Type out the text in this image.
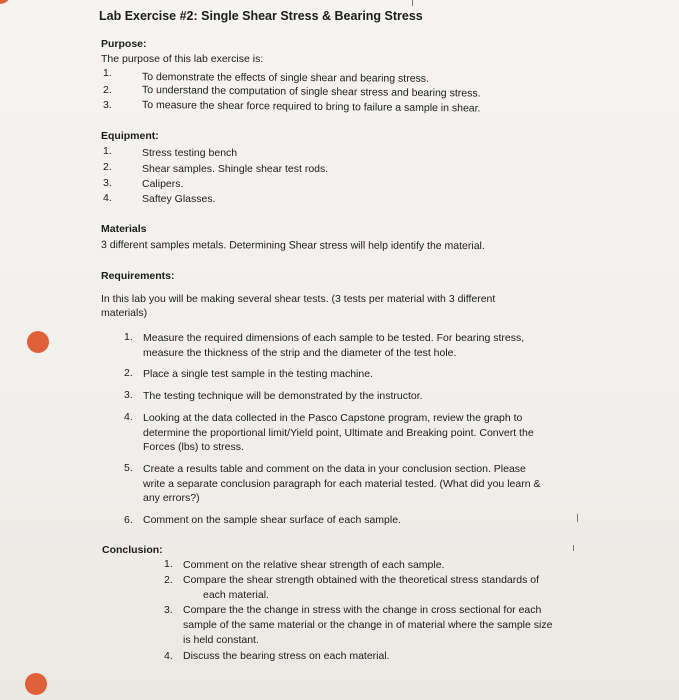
Lab Exercise #2: Single Shear Stress & Bearing Stress
Purpose:
The purpose of this lab exercise is:
1.	To demonstrate the effects of single shear and bearing stress.
2.	To understand the computation of single shear stress and bearing stress.
3.	To measure the shear force required to bring to failure a sample in shear.
Equipment:
1.	Stress testing bench
2.	Shear samples. Shingle shear test rods.
3.	Calipers.
4.	Saftey Glasses.
Materials
3 different samples metals. Determining Shear stress will help identify the material.
Requirements:
In this lab you will be making several shear tests. (3 tests per material with 3 different
materials)
1. Measure the required dimensions of each sample to be tested. For bearing stress,
measure the thickness of the strip and the diameter of the test hole.
2. Place a single test sample in the testing machine.
3. The testing technique will be demonstrated by the instructor.
4. Looking at the data collected in the Pasco Capstone program, review the graph to
determine the proportional limit/Yield point, Ultimate and Breaking point. Convert the
Forces (lbs) to stress.
5. Create a results table and comment on the data in your conclusion section. Please
write a separate conclusion paragraph for each material tested. (What did you learn &
any errors?)
6. Comment on the sample shear surface of each sample.
Conclusion:
1. Comment on the relative shear strength of each sample.
2. Compare the shear strength obtained with the theoretical stress standards of
each material.
3. Compare the the change in stress with the change in cross sectional for each
sample of the same material or the change in of material where the sample size
is held constant.
4. Discuss the bearing stress on each material.
